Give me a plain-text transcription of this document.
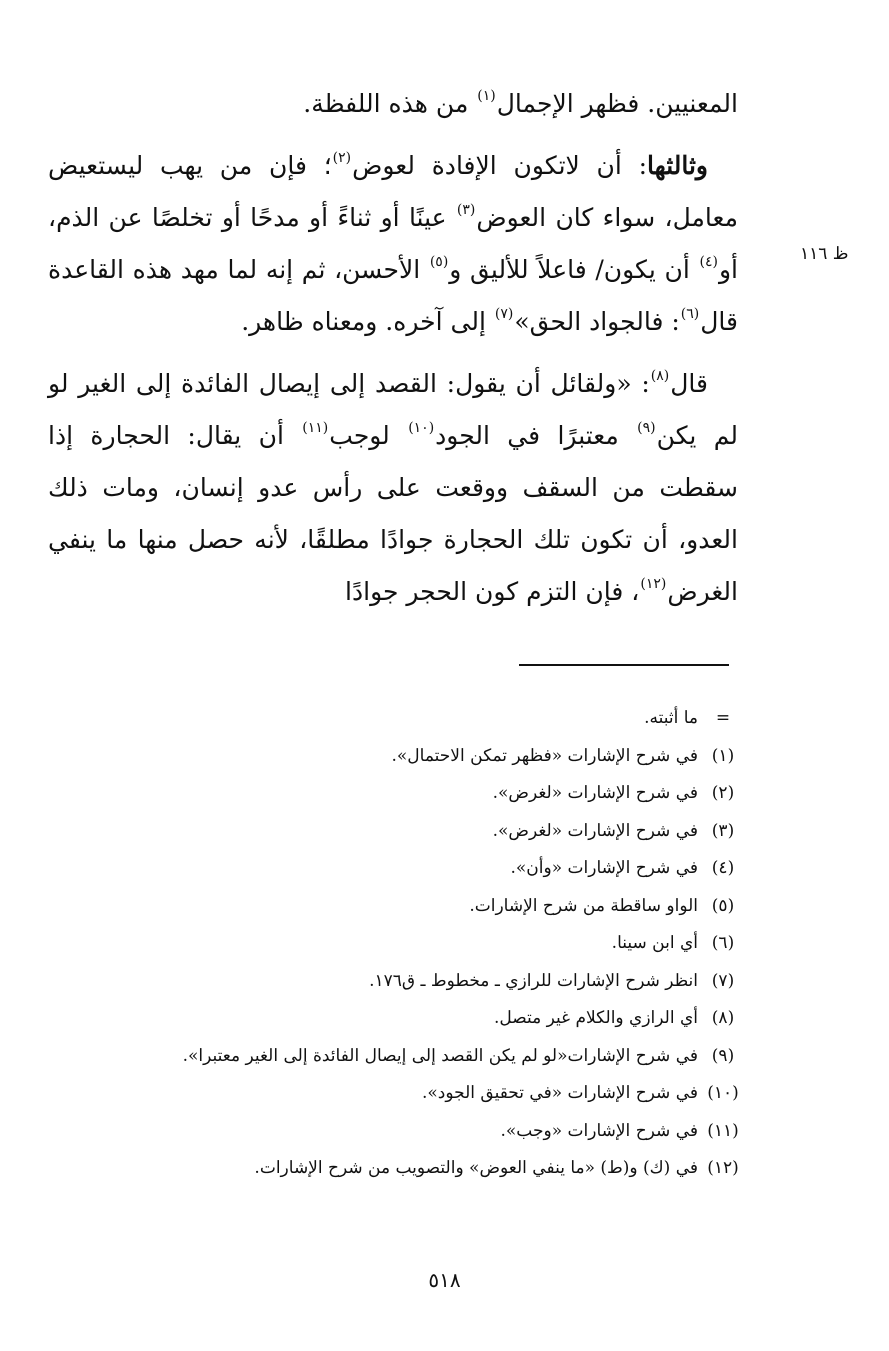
المعنيين. فظهر الإجمال$^{(١)}$ من هذه اللفظة.

وثالثها: أن لاتكون الإفادة لعوض$^{(٢)}$؛ فإن من يهب ليستعيض معامل، سواء كان العوض$^{(٣)}$ عينًا أو ثناءً أو مدحًا أو تخلصًا عن الذم، أو$^{(٤)}$ أن يكون/ فاعلاً للأليق و$^{(٥)}$ الأحسن، ثم إنه لما مهد هذه القاعدة قال$^{(٦)}$: فالجواد الحق»$^{(٧)}$ إلى آخره. ومعناه ظاهر.

قال$^{(٨)}$: «ولقائل أن يقول: القصد إلى إيصال الفائدة إلى الغير لو لم يكن$^{(٩)}$ معتبرًا في الجود$^{(١٠)}$ لوجب$^{(١١)}$ أن يقال: الحجارة إذا سقطت من السقف ووقعت على رأس عدو إنسان، ومات ذلك العدو، أن تكون تلك الحجارة جوادًا مطلقًا، لأنه حصل منها ما ينفي الغرض$^{(١٢)}$، فإن التزم كون الحجر جوادًا

ظ ١١٦
=
ما أثبته.
(١)
في شرح الإشارات «فظهر تمكن الاحتمال».
(٢)
في شرح الإشارات «لغرض».
(٣)
في شرح الإشارات «لغرض».
(٤)
في شرح الإشارات «وأن».
(٥)
الواو ساقطة من شرح الإشارات.
(٦)
أي ابن سينا.
(٧)
انظر شرح الإشارات للرازي ـ مخطوط ـ ق١٧٦.
(٨)
أي الرازي والكلام غير متصل.
(٩)
في شرح الإشارات«لو لم يكن القصد إلى إيصال الفائدة إلى الغير معتبرا».
(١٠)
في شرح الإشارات «في تحقيق الجود».
(١١)
في شرح الإشارات «وجب».
(١٢)
في (ك) و(ط) «ما ينفي العوض» والتصويب من شرح الإشارات.
٥١٨
